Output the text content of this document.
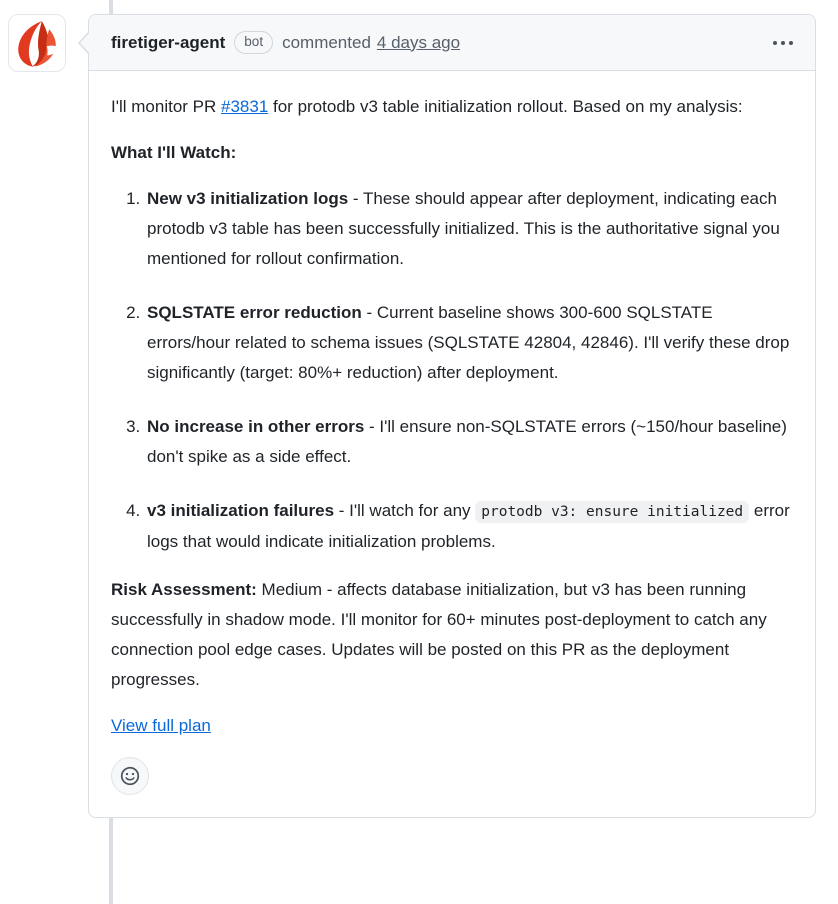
firetiger-agent	bot	commented 4 days ago

I'll monitor PR #3831 for protodb v3 table initialization rollout. Based on my analysis:

What I'll Watch:

1. New v3 initialization logs - These should appear after deployment, indicating each protodb v3 table has been successfully initialized. This is the authoritative signal you mentioned for rollout confirmation.
2. SQLSTATE error reduction - Current baseline shows 300-600 SQLSTATE errors/hour related to schema issues (SQLSTATE 42804, 42846). I'll verify these drop significantly (target: 80%+ reduction) after deployment.
3. No increase in other errors - I'll ensure non-SQLSTATE errors (~150/hour baseline) don't spike as a side effect.
4. v3 initialization failures - I'll watch for any protodb v3: ensure initialized error logs that would indicate initialization problems.

Risk Assessment: Medium - affects database initialization, but v3 has been running successfully in shadow mode. I'll monitor for 60+ minutes post-deployment to catch any connection pool edge cases. Updates will be posted on this PR as the deployment progresses.

View full plan
